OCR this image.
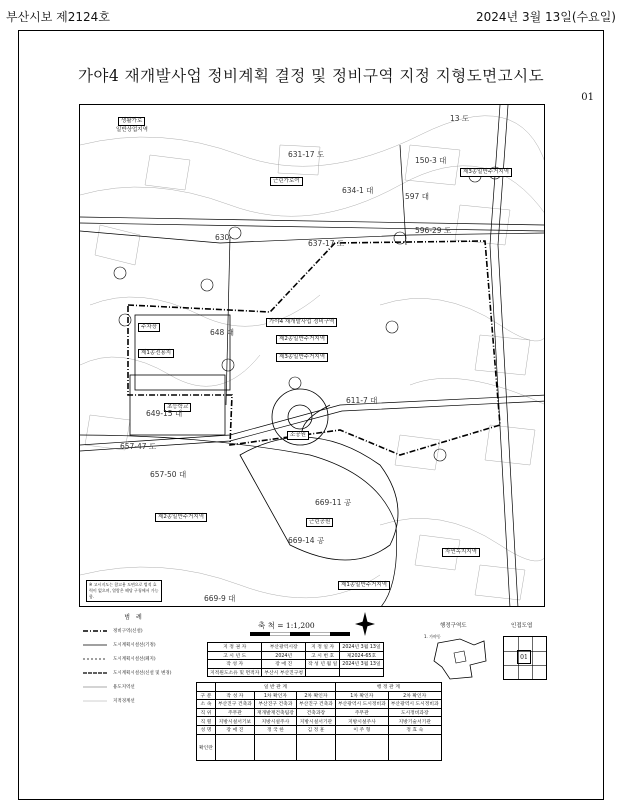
부산시보 제2124호	2024년 3월 13일(수요일)
가야4 재개발사업 정비계획 결정 및 정비구역 지정 지형도면고시도
01
생활가로
일반상업지역
근린가로여
가야4 재개발사업 정비구역
제2종일반주거지역
제3종일반주거지역
제3종일반주거지역
주차장
제1종전용지
초등학교
소공원
근린공원
제2종일반주거지역
제1종일반주거지역
자연녹지지역
631-17 도
634-1 대
597 대
150-3 대
630
637-17 도
596-29 도
648 대
611-7 대
649-15 대
657-47 도
657-50 대
669-11 공
669-14 공
669-9 대
13 도
※ 고시지도는 참고용 도면으로 법적 효력이 없으며, 열람은 해당 구청에서 가능함.
범 례
정비구역(신설)
도시계획시설선(기정)
도시계획시설선(폐지)
도시계획시설선(신설 및 변경)
용도지역선
지적경계선
축 척 = 1:1,200
지 정 권 자	부산광역시장	지 정 일 자	2024년 3월 13일
고 시 년 도	2024년	고 시 번 호	제2024-65호
작 성 자	장 애 진	작 성 년 월 일	2024년 3월 13일
지적원도소유 및 면적자	부산시 부산진구청		
	일 반 관 계			행 정 관 계	
구 분	작 성 자	1차 확인자	2차 확인자	1차 확인자	2차 확인자
소 속	부산진구 건축과	부산진구 건축과	부산진구 건축과	부산광역시 도시정비과	부산광역시 도시정비과
직 위	주무관	재개발재건축팀장	건축과장	주무관	도시정비과장
직 렬	지방시설서기보	지방시설주사	지방시설서기관	지방시설주사	지방기술서기관
성 명	장 애 진	정 국 한	김 정 훈	이 주 형	정 효 숙
확인란					
행정구역도
1. 가야동
인접도엽
01
